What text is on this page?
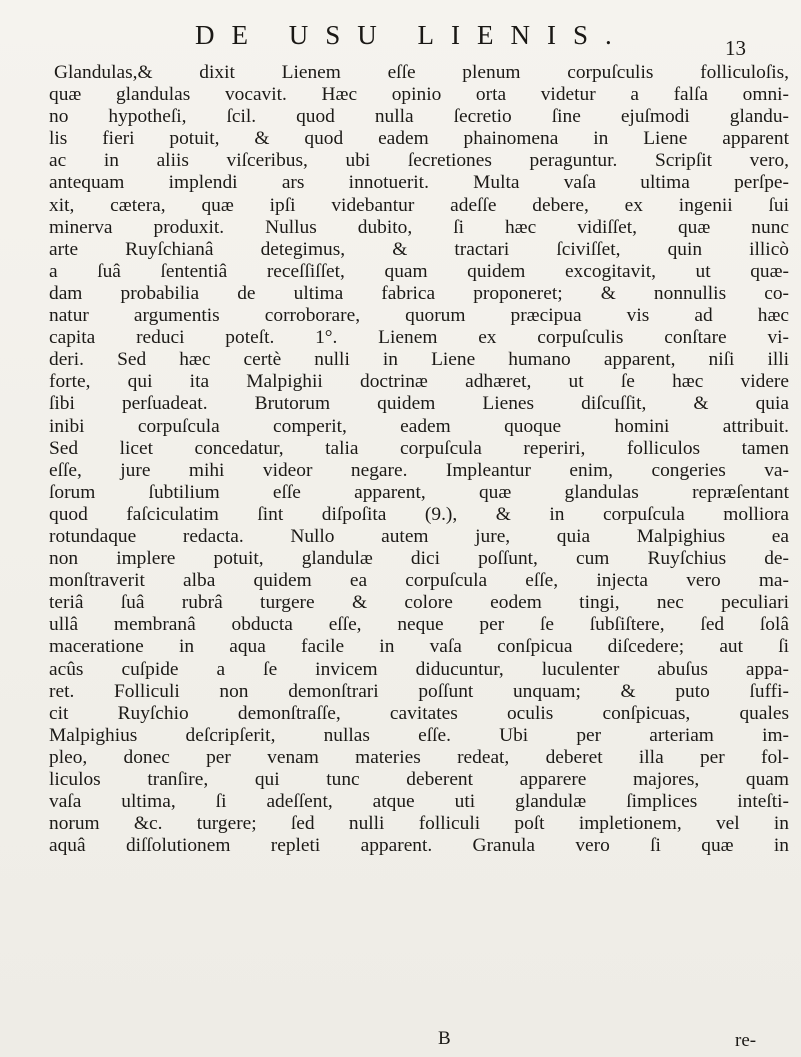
DE USU LIENIS.	13
Glandulas,& dixit Lienem eſſe plenum corpuſculis folliculoſis,
quæ glandulas vocavit. Hæc opinio orta videtur a falſa omni-
no hypotheſi, ſcil. quod nulla ſecretio ſine ejuſmodi glandu-
lis fieri potuit, & quod eadem phainomena in Liene apparent
ac in aliis viſceribus, ubi ſecretiones peraguntur. Scripſit vero,
antequam implendi ars innotuerit. Multa vaſa ultima perſpe-
xit, cætera, quæ ipſi videbantur adeſſe debere, ex ingenii ſui
minerva produxit. Nullus dubito, ſi hæc vidiſſet, quæ nunc
arte Ruyſchianâ detegimus, & tractari ſciviſſet, quin illicò
a ſuâ ſententiâ receſſiſſet, quam quidem excogitavit, ut quæ-
dam probabilia de ultima fabrica proponeret; & nonnullis co-
natur argumentis corroborare, quorum præcipua vis ad hæc
capita reduci poteſt. 1°. Lienem ex corpuſculis conſtare vi-
deri. Sed hæc certè nulli in Liene humano apparent, niſi illi
forte, qui ita Malpighii doctrinæ adhæret, ut ſe hæc videre
ſibi perſuadeat. Brutorum quidem Lienes diſcuſſit, & quia
inibi corpuſcula comperit, eadem quoque homini attribuit.
Sed licet concedatur, talia corpuſcula reperiri, folliculos tamen
eſſe, jure mihi videor negare. Impleantur enim, congeries va-
ſorum ſubtilium eſſe apparent, quæ glandulas repræſentant
quod faſciculatim ſint diſpoſita (9.), & in corpuſcula molliora
rotundaque redacta. Nullo autem jure, quia Malpighius ea
non implere potuit, glandulæ dici poſſunt, cum Ruyſchius de-
monſtraverit alba quidem ea corpuſcula eſſe, injecta vero ma-
teriâ ſuâ rubrâ turgere & colore eodem tingi, nec peculiari
ullâ membranâ obducta eſſe, neque per ſe ſubſiſtere, ſed ſolâ
maceratione in aqua facile in vaſa conſpicua diſcedere; aut ſi
acûs cuſpide a ſe invicem diducuntur, luculenter abuſus appa-
ret. Folliculi non demonſtrari poſſunt unquam; & puto ſuffi-
cit Ruyſchio demonſtraſſe, cavitates oculis conſpicuas, quales
Malpighius deſcripſerit, nullas eſſe. Ubi per arteriam im-
pleo, donec per venam materies redeat, deberet illa per fol-
liculos tranſire, qui tunc deberent apparere majores, quam
vaſa ultima, ſi adeſſent, atque uti glandulæ ſimplices inteſti-
norum &c. turgere; ſed nulli folliculi poſt impletionem, vel in
aquâ diſſolutionem repleti apparent. Granula vero ſi quæ in
B	re-
